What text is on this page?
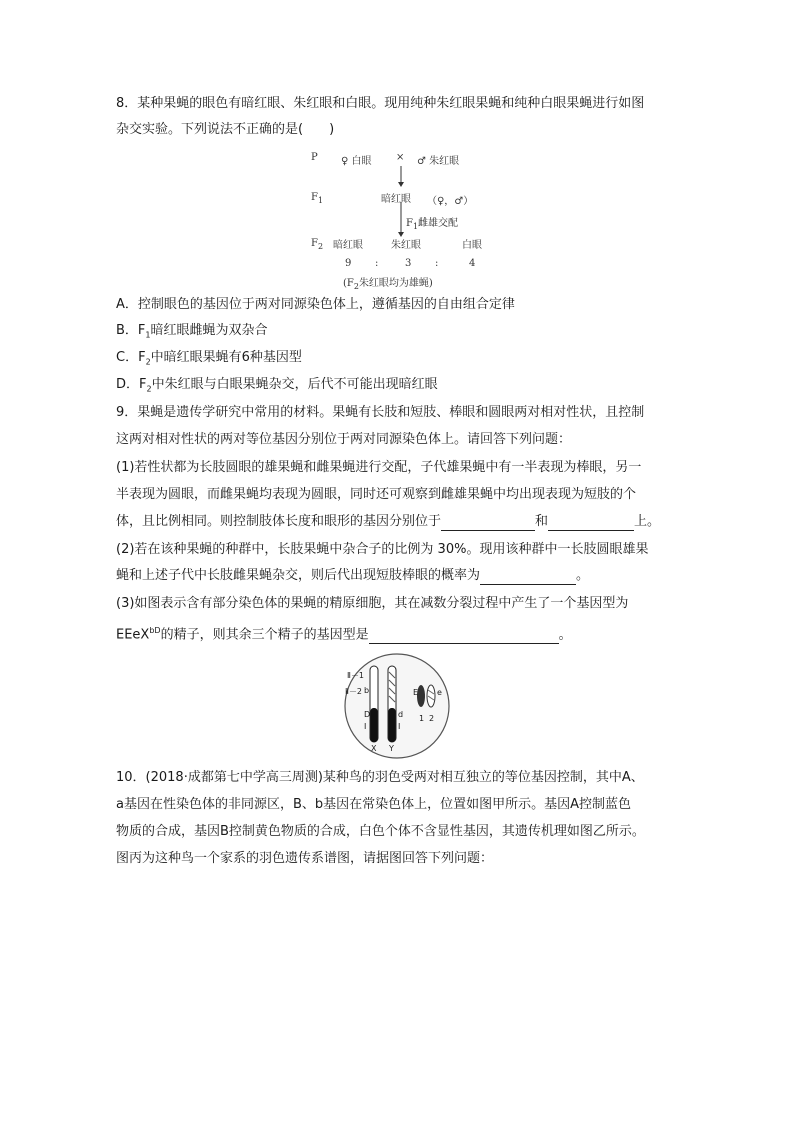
8．某种果蝇的眼色有暗红眼、朱红眼和白眼。现用纯种朱红眼果蝇和纯种白眼果蝇进行如图
杂交实验。下列说法不正确的是(　　)
P ♀ 白眼 × ♂ 朱红眼
$F_1$	暗红眼 （♀，♂）
$F_1$雌雄交配
$F_2$ 暗红眼	朱红眼	白眼
9 :	3 :	4
($F_2$朱红眼均为雄蝇)
A．控制眼色的基因位于两对同源染色体上，遵循基因的自由组合定律
B．$F_1$暗红眼雌蝇为双杂合
C．$F_2$中暗红眼果蝇有6种基因型
D．$F_2$中朱红眼与白眼果蝇杂交，后代不可能出现暗红眼
9．果蝇是遗传学研究中常用的材料。果蝇有长肢和短肢、棒眼和圆眼两对相对性状，且控制
这两对相对性状的两对等位基因分别位于两对同源染色体上。请回答下列问题：
(1)若性状都为长肢圆眼的雄果蝇和雌果蝇进行交配，子代雄果蝇中有一半表现为棒眼，另一
半表现为圆眼，而雌果蝇均表现为圆眼，同时还可观察到雌雄果蝇中均出现表现为短肢的个
体，且比例相同。则控制肢体长度和眼形的基因分别位于	和	上。
(2)若在该种果蝇的种群中，长肢果蝇中杂合子的比例为 30%。现用该种群中一长肢圆眼雄果
蝇和上述子代中长肢雌果蝇杂交，则后代出现短肢棒眼的概率为	。
(3)如图表示含有部分染色体的果蝇的精原细胞，其在减数分裂过程中产生了一个基因型为
EEeX$^{bD}$的精子，则其余三个精子的基因型是	。
Ⅱ－1
Ⅱ－2 b
D	d
Ⅰ	Ⅰ
X Y
E e
1 2
10．(2018·成都第七中学高三周测)某种鸟的羽色受两对相互独立的等位基因控制，其中A、
a基因在性染色体的非同源区，B、b基因在常染色体上，位置如图甲所示。基因A控制蓝色
物质的合成，基因B控制黄色物质的合成，白色个体不含显性基因，其遗传机理如图乙所示。
图丙为这种鸟一个家系的羽色遗传系谱图，请据图回答下列问题：
